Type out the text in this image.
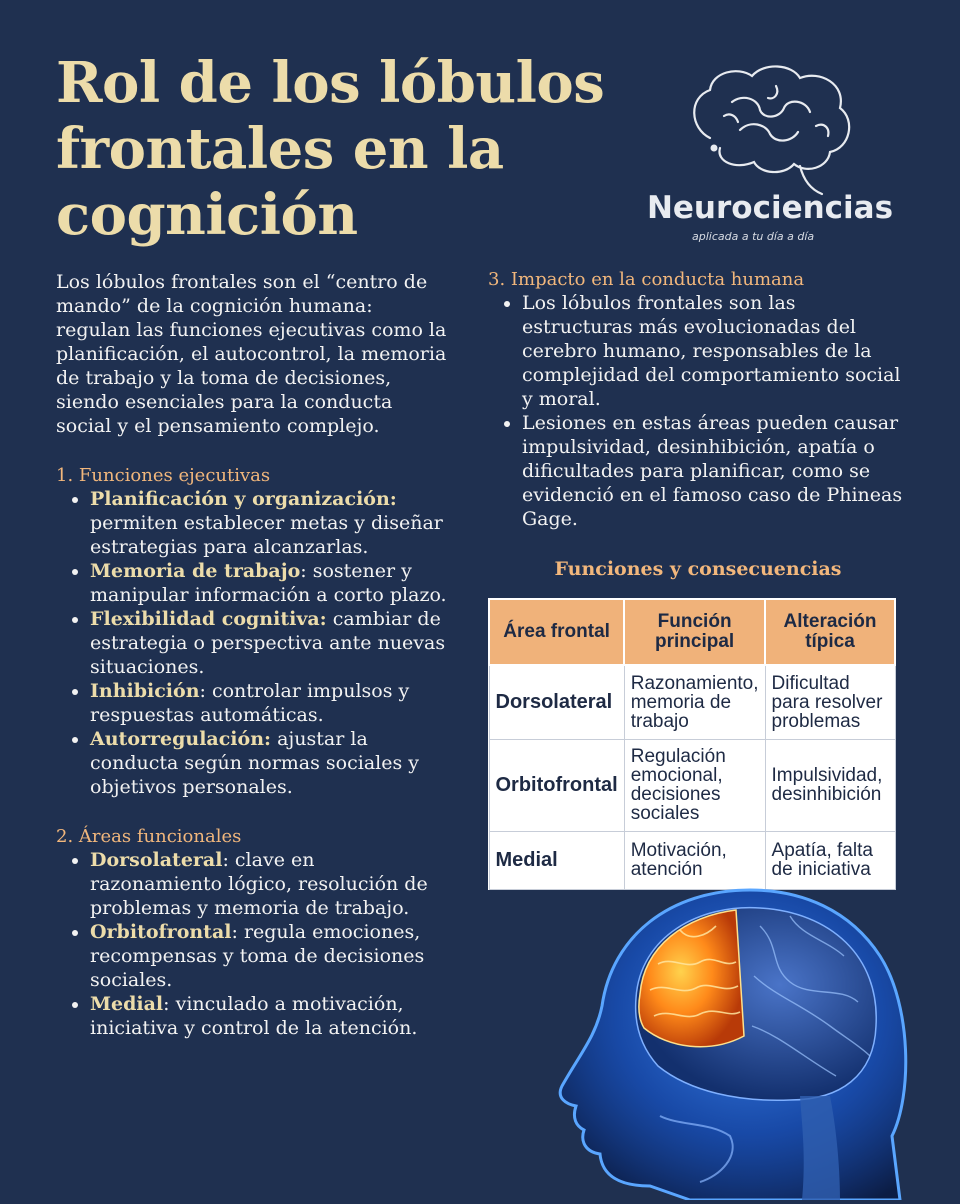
Rol de los lóbulos frontales en la cognición	Neurociencias
aplicada a tu día a día

Los lóbulos frontales son el “centro de mando” de la cognición humana: regulan las funciones ejecutivas como la planificación, el autocontrol, la memoria de trabajo y la toma de decisiones, siendo esenciales para la conducta social y el pensamiento complejo.

1. Funciones ejecutivas

• Planificación y organización: permiten establecer metas y diseñar estrategias para alcanzarlas.
• Memoria de trabajo: sostener y manipular información a corto plazo.
• Flexibilidad cognitiva: cambiar de estrategia o perspectiva ante nuevas situaciones.
• Inhibición: controlar impulsos y respuestas automáticas.
• Autorregulación: ajustar la conducta según normas sociales y objetivos personales.

2. Áreas funcionales

• Dorsolateral: clave en razonamiento lógico, resolución de problemas y memoria de trabajo.
• Orbitofrontal: regula emociones, recompensas y toma de decisiones sociales.
• Medial: vinculado a motivación, iniciativa y control de la atención.

3. Impacto en la conducta humana

• Los lóbulos frontales son las estructuras más evolucionadas del cerebro humano, responsables de la complejidad del comportamiento social y moral.
• Lesiones en estas áreas pueden causar impulsividad, desinhibición, apatía o dificultades para planificar, como se evidenció en el famoso caso de Phineas Gage.
Funciones y consecuencias
Área frontal	Función principal	Alteración típica
Dorsolateral	Razonamiento, memoria de trabajo	Dificultad para resolver problemas
Orbitofrontal	Regulación emocional, decisiones sociales	Impulsividad, desinhibición
Medial	Motivación, atención	Apatía, falta de iniciativa
